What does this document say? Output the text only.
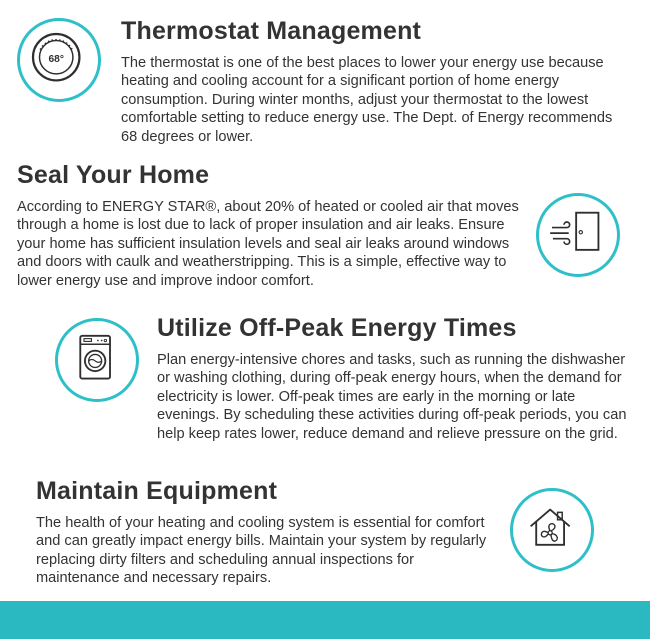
68°
Thermostat Management

The thermostat is one of the best places to lower your energy use because heating and cooling account for a significant portion of home energy consumption. During winter months, adjust your thermostat to the lowest comfortable setting to reduce energy use. The Dept. of Energy recommends 68 degrees or lower.

Seal Your Home

According to ENERGY STAR®, about 20% of heated or cooled air that moves through a home is lost due to lack of proper insulation and air leaks. Ensure your home has sufficient insulation levels and seal air leaks around windows and doors with caulk and weatherstripping. This is a simple, effective way to lower energy use and improve indoor comfort.

Utilize Off-Peak Energy Times

Plan energy-intensive chores and tasks, such as running the dishwasher or washing clothing, during off-peak energy hours, when the demand for electricity is lower. Off-peak times are early in the morning or late evenings. By scheduling these activities during off-peak periods, you can help keep rates lower, reduce demand and relieve pressure on the grid.

Maintain Equipment

The health of your heating and cooling system is essential for comfort and can greatly impact energy bills. Maintain your system by regularly replacing dirty filters and scheduling annual inspections for maintenance and necessary repairs.
